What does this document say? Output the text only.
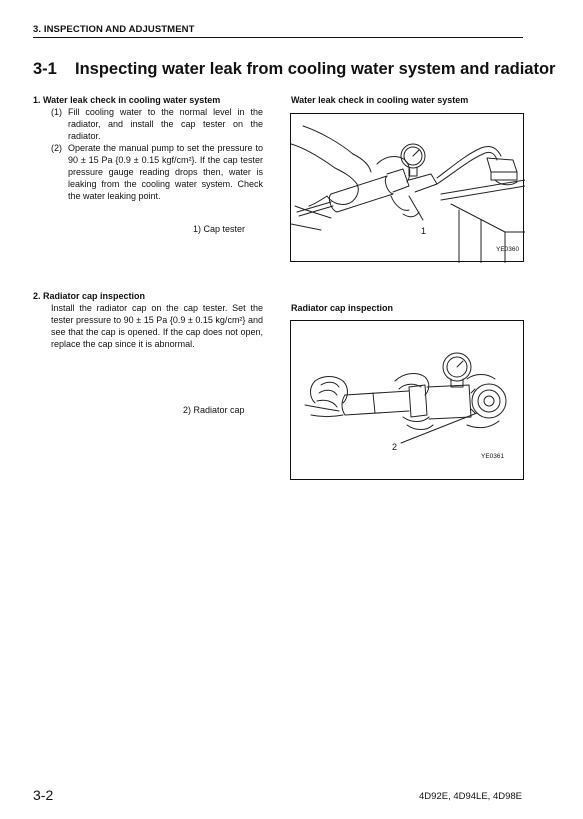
3. INSPECTION AND ADJUSTMENT
3-1 Inspecting water leak from cooling water system and radiator
1. Water leak check in cooling water system
(1) Fill cooling water to the normal level in the radiator, and install the cap tester on the radiator.
(2) Operate the manual pump to set the pressure to 90 ± 15 Pa {0.9 ± 0.15 kgf/cm²}. If the cap tester pressure gauge reading drops then, water is leaking from the cooling water system. Check the water leaking point.
1) Cap tester
Water leak check in cooling water system
1
YE0360
2. Radiator cap inspection
Install the radiator cap on the cap tester. Set the tester pressure to 90 ± 15 Pa {0.9 ± 0.15 kg/cm²} and see that the cap is opened. If the cap does not open, replace the cap since it is abnormal.
2) Radiator cap
Radiator cap inspection
2
YE0361
3-2	4D92E, 4D94LE, 4D98E
